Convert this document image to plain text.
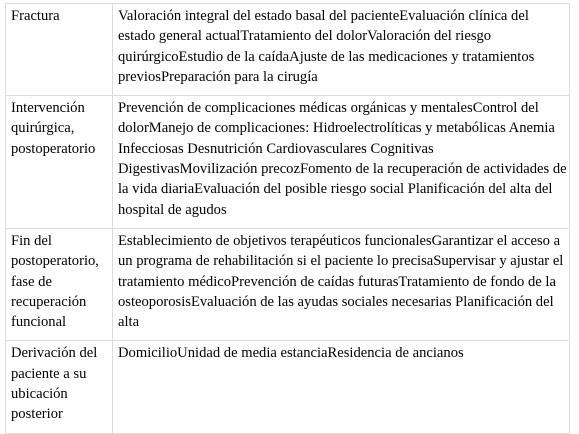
Fractura	Valoración integral del estado basal del pacienteEvaluación clínica del estado general actualTratamiento del dolorValoración del riesgo quirúrgicoEstudio de la caídaAjuste de las medicaciones y tratamientos previosPreparación para la cirugía
Intervención quirúrgica, postoperatorio	Prevención de complicaciones médicas orgánicas y mentalesControl del dolorManejo de complicaciones: Hidroelectrolíticas y metabólicas Anemia Infecciosas Desnutrición Cardiovasculares Cognitivas DigestivasMovilización precozFomento de la recuperación de actividades de la vida diariaEvaluación del posible riesgo social Planificación del alta del hospital de agudos
Fin del postoperatorio, fase de recuperación funcional	Establecimiento de objetivos terapéuticos funcionalesGarantizar el acceso a un programa de rehabilitación si el paciente lo precisaSupervisar y ajustar el tratamiento médicoPrevención de caídas futurasTratamiento de fondo de la osteoporosisEvaluación de las ayudas sociales necesarias Planificación del alta
Derivación del paciente a su ubicación posterior	DomicilioUnidad de media estanciaResidencia de ancianos
